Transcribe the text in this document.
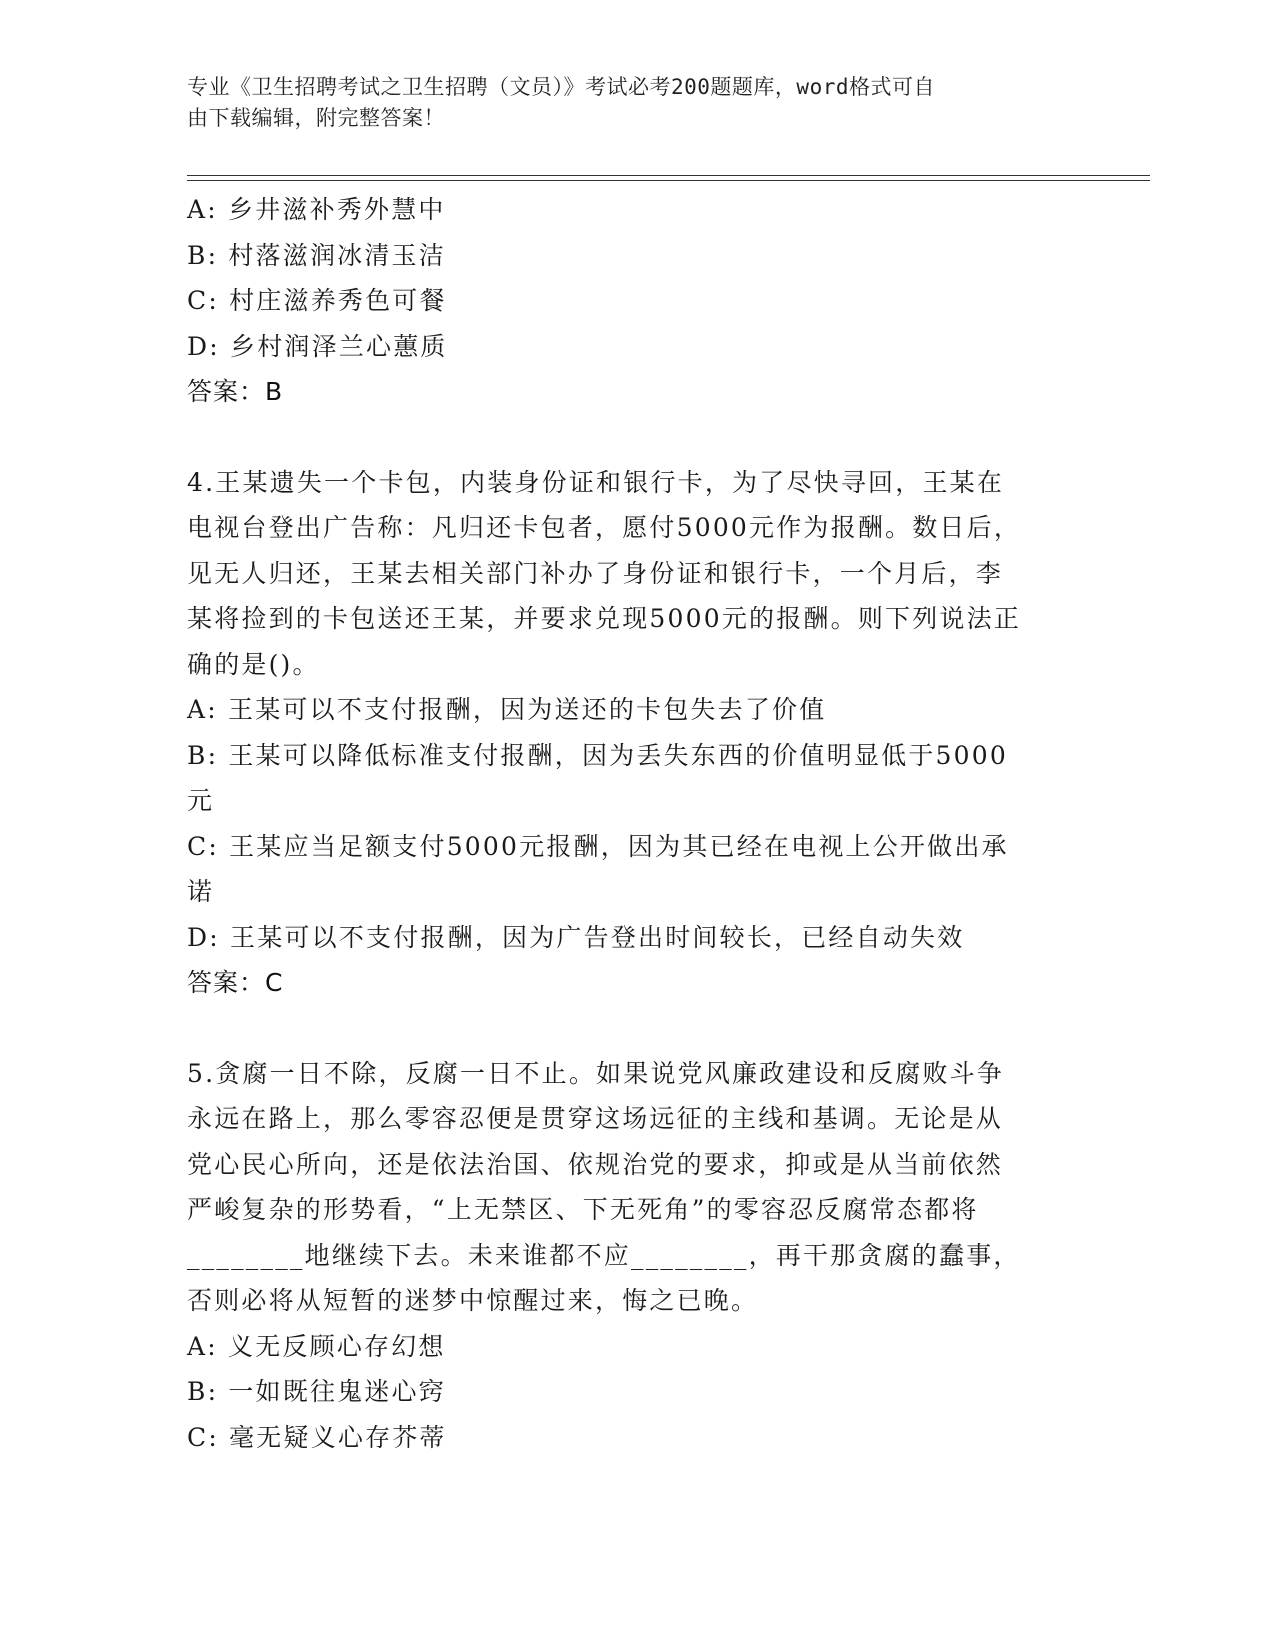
专业《卫生招聘考试之卫生招聘（文员）》考试必考200题题库，word格式可自
由下载编辑，附完整答案！
A: 乡井滋补秀外慧中
B: 村落滋润冰清玉洁
C: 村庄滋养秀色可餐
D: 乡村润泽兰心蕙质
答案：B
4.王某遗失一个卡包，内装身份证和银行卡，为了尽快寻回，王某在
电视台登出广告称：凡归还卡包者，愿付5000元作为报酬。数日后，
见无人归还，王某去相关部门补办了身份证和银行卡，一个月后，李
某将捡到的卡包送还王某，并要求兑现5000元的报酬。则下列说法正
确的是()。
A: 王某可以不支付报酬，因为送还的卡包失去了价值
B: 王某可以降低标准支付报酬，因为丢失东西的价值明显低于5000
元
C: 王某应当足额支付5000元报酬，因为其已经在电视上公开做出承
诺
D: 王某可以不支付报酬，因为广告登出时间较长，已经自动失效
答案：C
5.贪腐一日不除，反腐一日不止。如果说党风廉政建设和反腐败斗争
永远在路上，那么零容忍便是贯穿这场远征的主线和基调。无论是从
党心民心所向，还是依法治国、依规治党的要求，抑或是从当前依然
严峻复杂的形势看，“上无禁区、下无死角”的零容忍反腐常态都将
________地继续下去。未来谁都不应________，再干那贪腐的蠢事，
否则必将从短暂的迷梦中惊醒过来，悔之已晚。
A: 义无反顾心存幻想
B: 一如既往鬼迷心窍
C: 毫无疑义心存芥蒂
